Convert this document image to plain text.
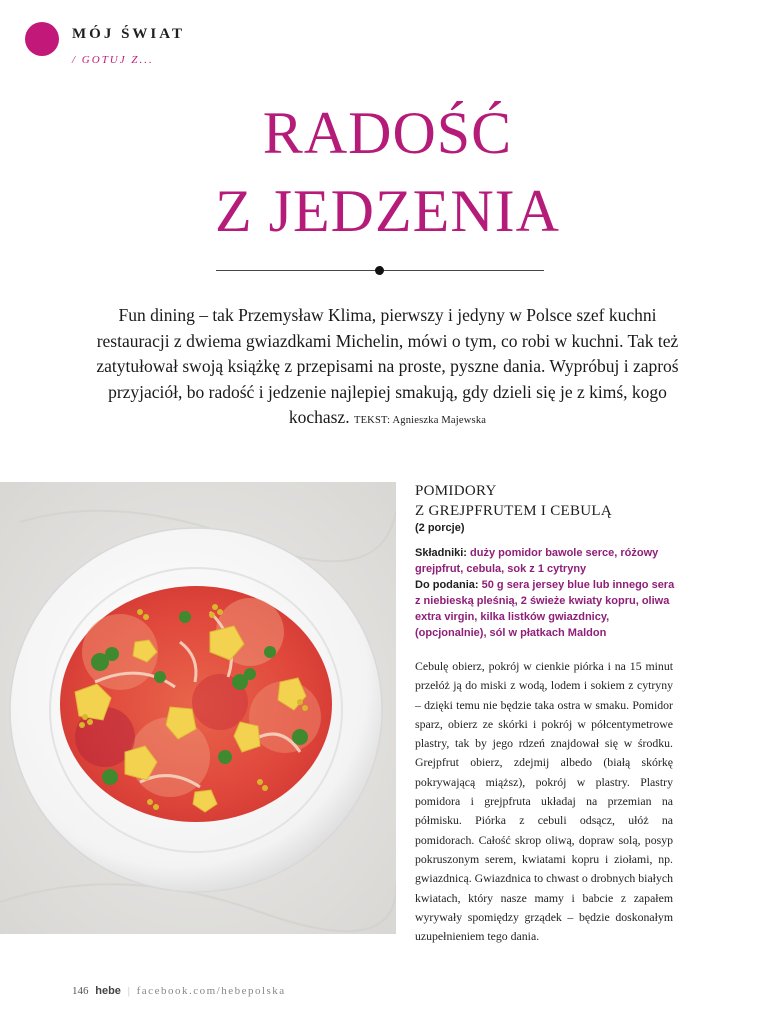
MÓJ ŚWIAT
/ GOTUJ Z...
RADOŚĆ
Z JEDZENIA
Fun dining – tak Przemysław Klima, pierwszy i jedyny w Polsce szef kuchni restauracji z dwiema gwiazdkami Michelin, mówi o tym, co robi w kuchni. Tak też zatytułował swoją książkę z przepisami na proste, pyszne dania. Wypróbuj i zaproś przyjaciół, bo radość i jedzenie najlepiej smakują, gdy dzieli się je z kimś, kogo kochasz. TEKST: Agnieszka Majewska
POMIDORY
Z GREJPFRUTEM I CEBULĄ
(2 porcje)
Składniki: duży pomidor bawole serce, różowy grejpfrut, cebula, sok z 1 cytryny
Do podania: 50 g sera jersey blue lub innego sera z niebieską pleśnią, 2 świeże kwiaty kopru, oliwa extra virgin, kilka listków gwiazdnicy, (opcjonalnie), sól w płatkach Maldon
Cebulę obierz, pokrój w cienkie piórka i na 15 minut przełóż ją do miski z wodą, lodem i sokiem z cytryny – dzięki temu nie będzie taka ostra w smaku. Pomidor sparz, obierz ze skórki i pokrój w półcentymetrowe plastry, tak by jego rdzeń znajdował się w środku. Grejpfrut obierz, zdejmij albedo (białą skórkę pokrywającą miąższ), pokrój w plastry. Plastry pomidora i grejpfruta układaj na przemian na półmisku. Piórka z cebuli odsącz, ułóż na pomidorach. Całość skrop oliwą, dopraw solą, posyp pokruszonym serem, kwiatami kopru i ziołami, np. gwiazdnicą. Gwiazdnica to chwast o drobnych białych kwiatach, który nasze mamy i babcie z zapałem wyrywały spomiędzy grządek – będzie doskonałym uzupełnieniem tego dania.
146 hebe | facebook.com/hebepolska
